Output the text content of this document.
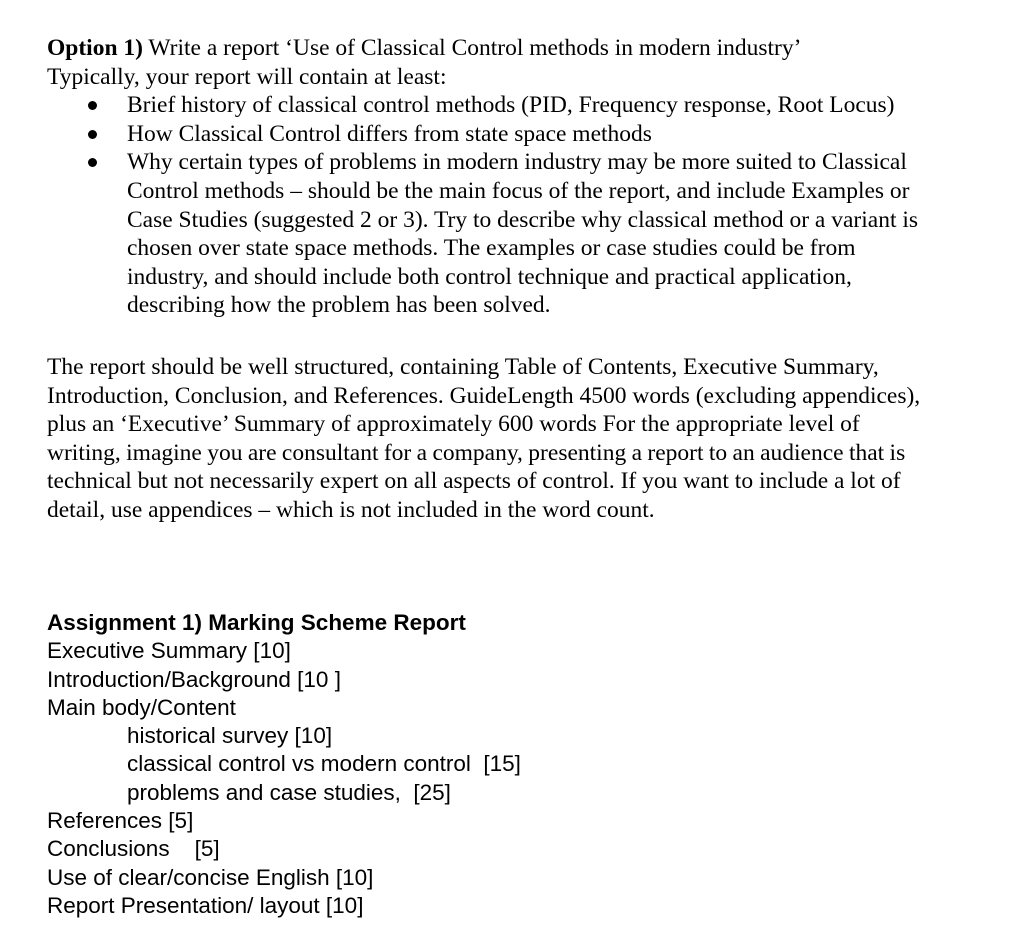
Option 1) Write a report ‘Use of Classical Control methods in modern industry’
Typically, your report will contain at least:
Brief history of classical control methods (PID, Frequency response, Root Locus)
How Classical Control differs from state space methods
Why certain types of problems in modern industry may be more suited to Classical
Control methods – should be the main focus of the report, and include Examples or
Case Studies (suggested 2 or 3). Try to describe why classical method or a variant is
chosen over state space methods. The examples or case studies could be from
industry, and should include both control technique and practical application,
describing how the problem has been solved.
The report should be well structured, containing Table of Contents, Executive Summary,
Introduction, Conclusion, and References. GuideLength 4500 words (excluding appendices),
plus an ‘Executive’ Summary of approximately 600 words For the appropriate level of
writing, imagine you are consultant for a company, presenting a report to an audience that is
technical but not necessarily expert on all aspects of control. If you want to include a lot of
detail, use appendices – which is not included in the word count.
Assignment 1) Marking Scheme Report
Executive Summary [10]
Introduction/Background [10 ]
Main body/Content
historical survey [10]
classical control vs modern control  [15]
problems and case studies,  [25]
References [5]
Conclusions    [5]
Use of clear/concise English [10]
Report Presentation/ layout [10]
